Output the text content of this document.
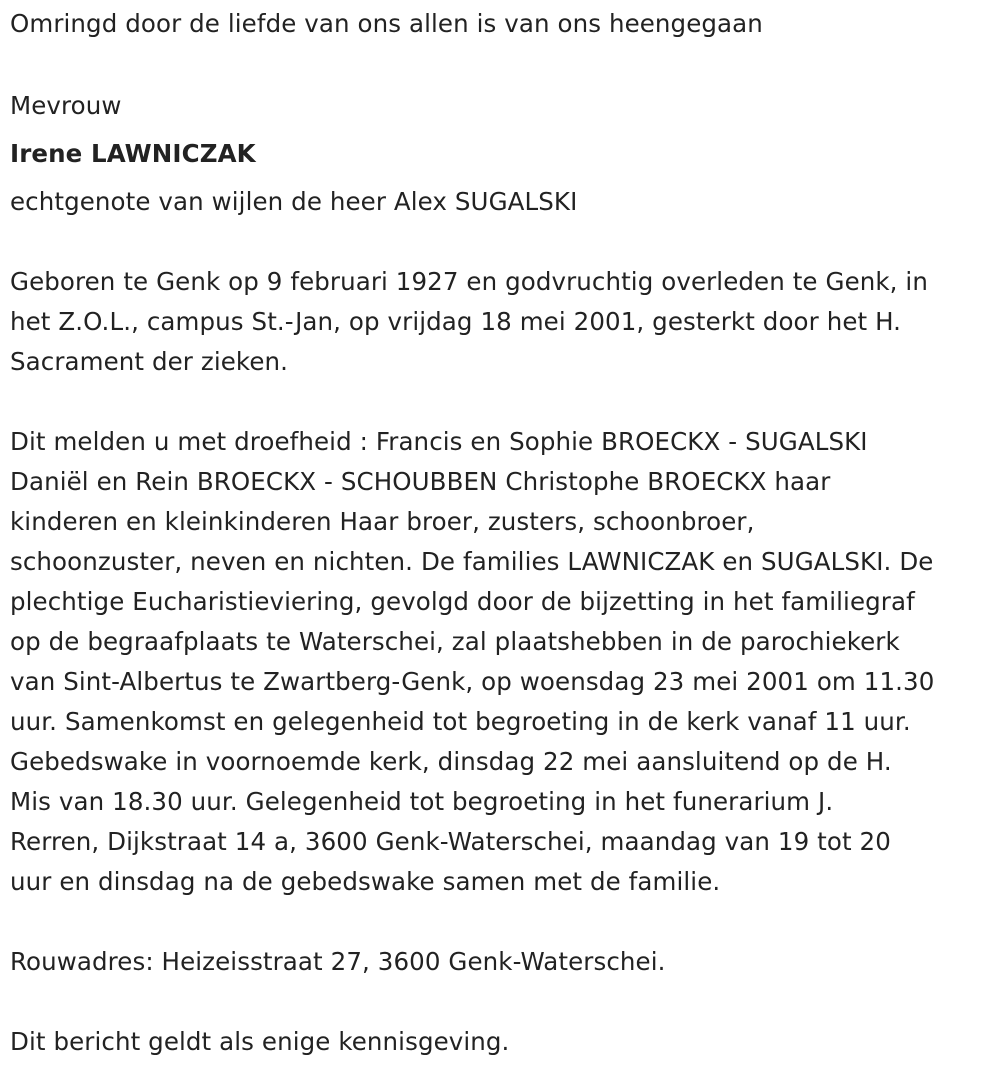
Omringd door de liefde van ons allen is van ons heengegaan
Mevrouw
Irene LAWNICZAK
echtgenote van wijlen de heer Alex SUGALSKI
Geboren te Genk op 9 februari 1927 en godvruchtig overleden te Genk, in
het Z.O.L., campus St.-Jan, op vrijdag 18 mei 2001, gesterkt door het H.
Sacrament der zieken.
Dit melden u met droefheid : Francis en Sophie BROECKX - SUGALSKI
Daniël en Rein BROECKX - SCHOUBBEN Christophe BROECKX haar
kinderen en kleinkinderen Haar broer, zusters, schoonbroer,
schoonzuster, neven en nichten. De families LAWNICZAK en SUGALSKI. De
plechtige Eucharistieviering, gevolgd door de bijzetting in het familiegraf
op de begraafplaats te Waterschei, zal plaatshebben in de parochiekerk
van Sint-Albertus te Zwartberg-Genk, op woensdag 23 mei 2001 om 11.30
uur. Samenkomst en gelegenheid tot begroeting in de kerk vanaf 11 uur.
Gebedswake in voornoemde kerk, dinsdag 22 mei aansluitend op de H.
Mis van 18.30 uur. Gelegenheid tot begroeting in het funerarium J.
Rerren, Dijkstraat 14 a, 3600 Genk-Waterschei, maandag van 19 tot 20
uur en dinsdag na de gebedswake samen met de familie.
Rouwadres: Heizeisstraat 27, 3600 Genk-Waterschei.
Dit bericht geldt als enige kennisgeving.
